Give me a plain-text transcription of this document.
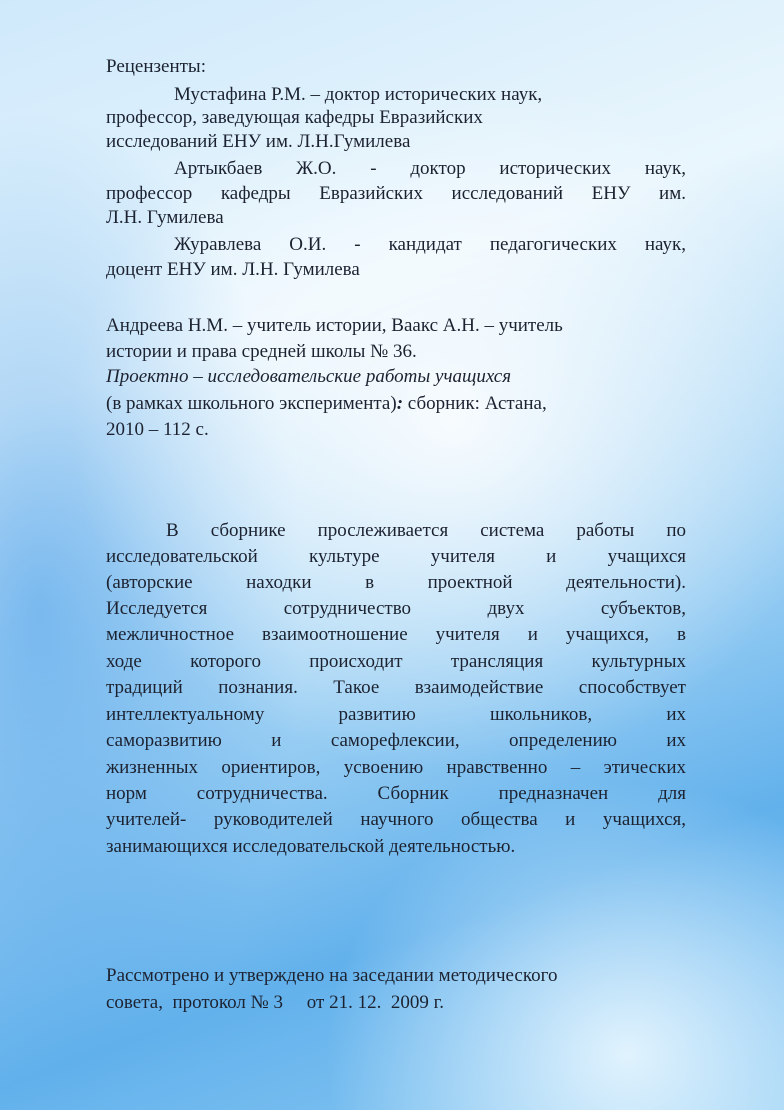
Рецензенты:
Мустафина Р.М. – доктор исторических наук,
профессор, заведующая кафедры Евразийских
исследований ЕНУ им. Л.Н.Гумилева
Артыкбаев Ж.О. - доктор исторических наук,
профессор кафедры Евразийских исследований ЕНУ им.
Л.Н. Гумилева
Журавлева О.И. - кандидат педагогических наук,
доцент ЕНУ им. Л.Н. Гумилева
Андреева Н.М. – учитель истории, Ваакс А.Н. – учитель
истории и права средней школы № 36.
Проектно – исследовательские работы учащихся
(в рамках школьного эксперимента): сборник: Астана,
2010 – 112 с.
В сборнике прослеживается система работы по
исследовательской культуре учителя и учащихся
(авторские находки в проектной деятельности).
Исследуется сотрудничество двух субъектов,
межличностное взаимоотношение учителя и учащихся, в
ходе которого происходит трансляция культурных
традиций познания. Такое взаимодействие способствует
интеллектуальному развитию школьников, их
саморазвитию и саморефлексии, определению их
жизненных ориентиров, усвоению нравственно – этических
норм сотрудничества. Сборник предназначен для
учителей- руководителей научного общества и учащихся,
занимающихся исследовательской деятельностью.
Рассмотрено и утверждено на заседании методического
совета,  протокол № 3     от 21. 12.  2009 г.
